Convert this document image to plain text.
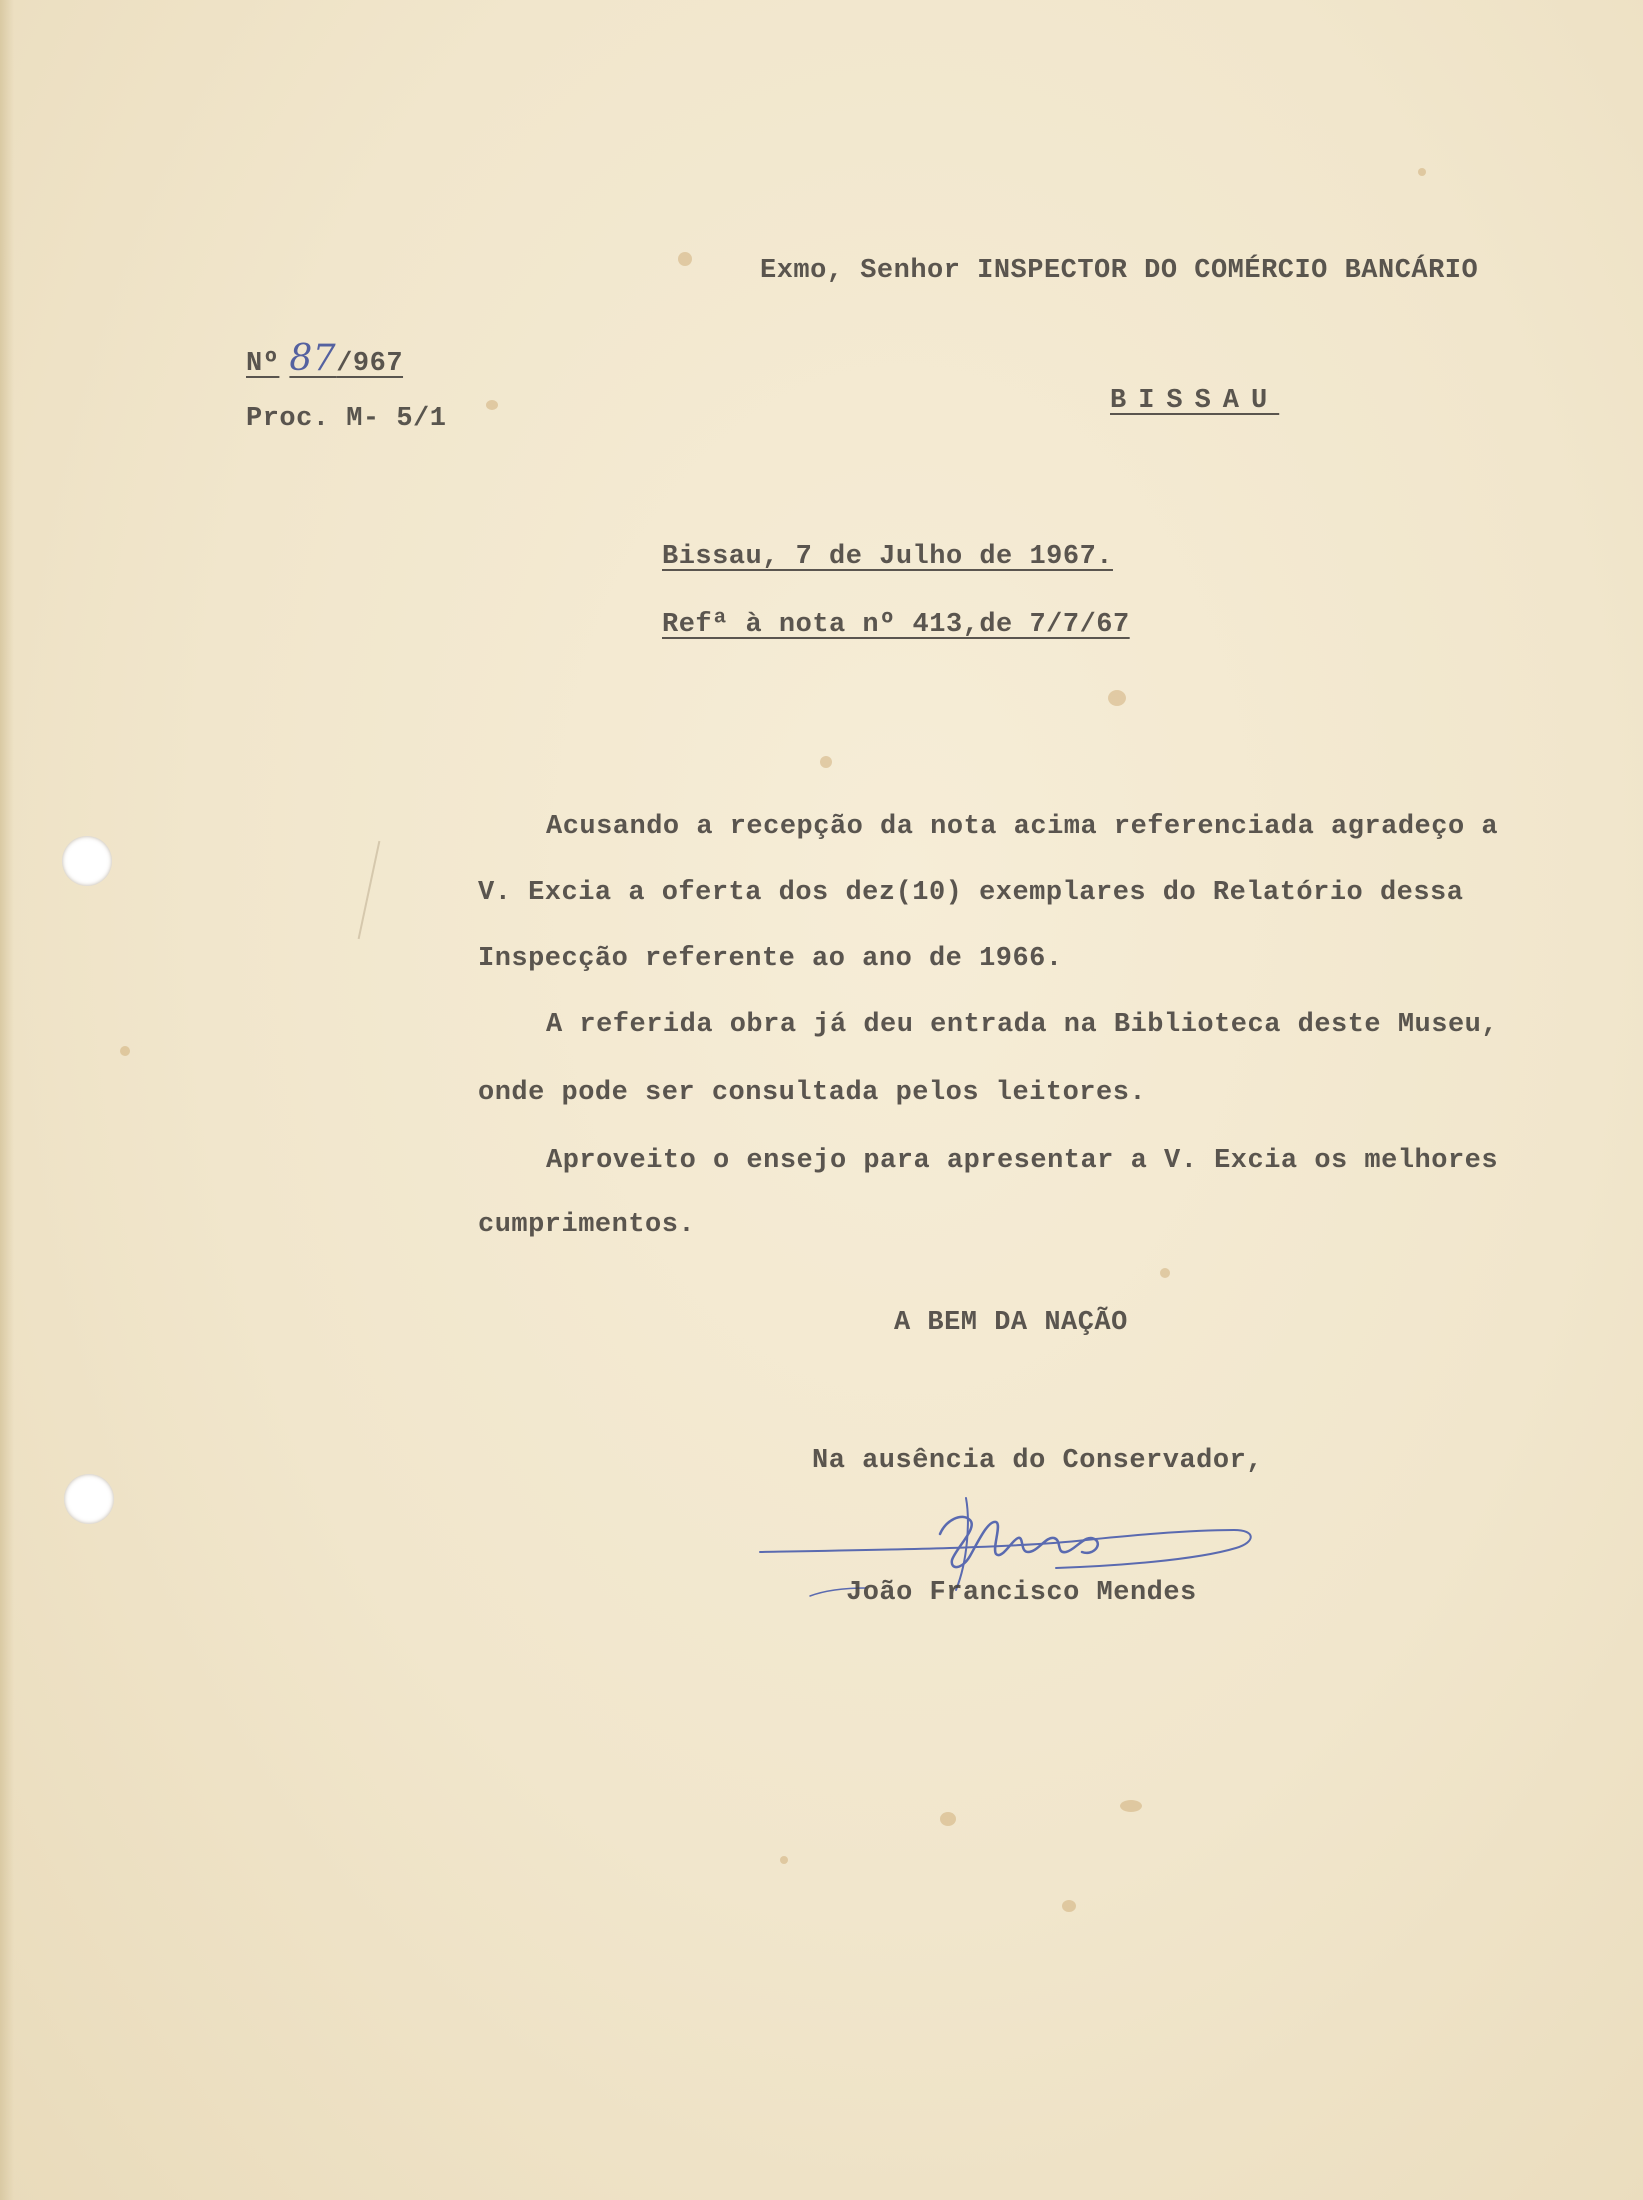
Exmo, Senhor INSPECTOR DO COMÉRCIO BANCÁRIO
Nº 87/967
Proc. M- 5/1
BISSAU
Bissau, 7 de Julho de 1967.
Refª à nota nº 413,de 7/7/67
Acusando a recepção da nota acima referenciada agradeço a
V. Excia a oferta dos dez(10) exemplares do Relatório dessa
Inspecção referente ao ano de 1966.
A referida obra já deu entrada na Biblioteca deste Museu,
onde pode ser consultada pelos leitores.
Aproveito o ensejo para apresentar a V. Excia os melhores
cumprimentos.
A BEM DA NAÇÃO
Na ausência do Conservador,
João Francisco Mendes
